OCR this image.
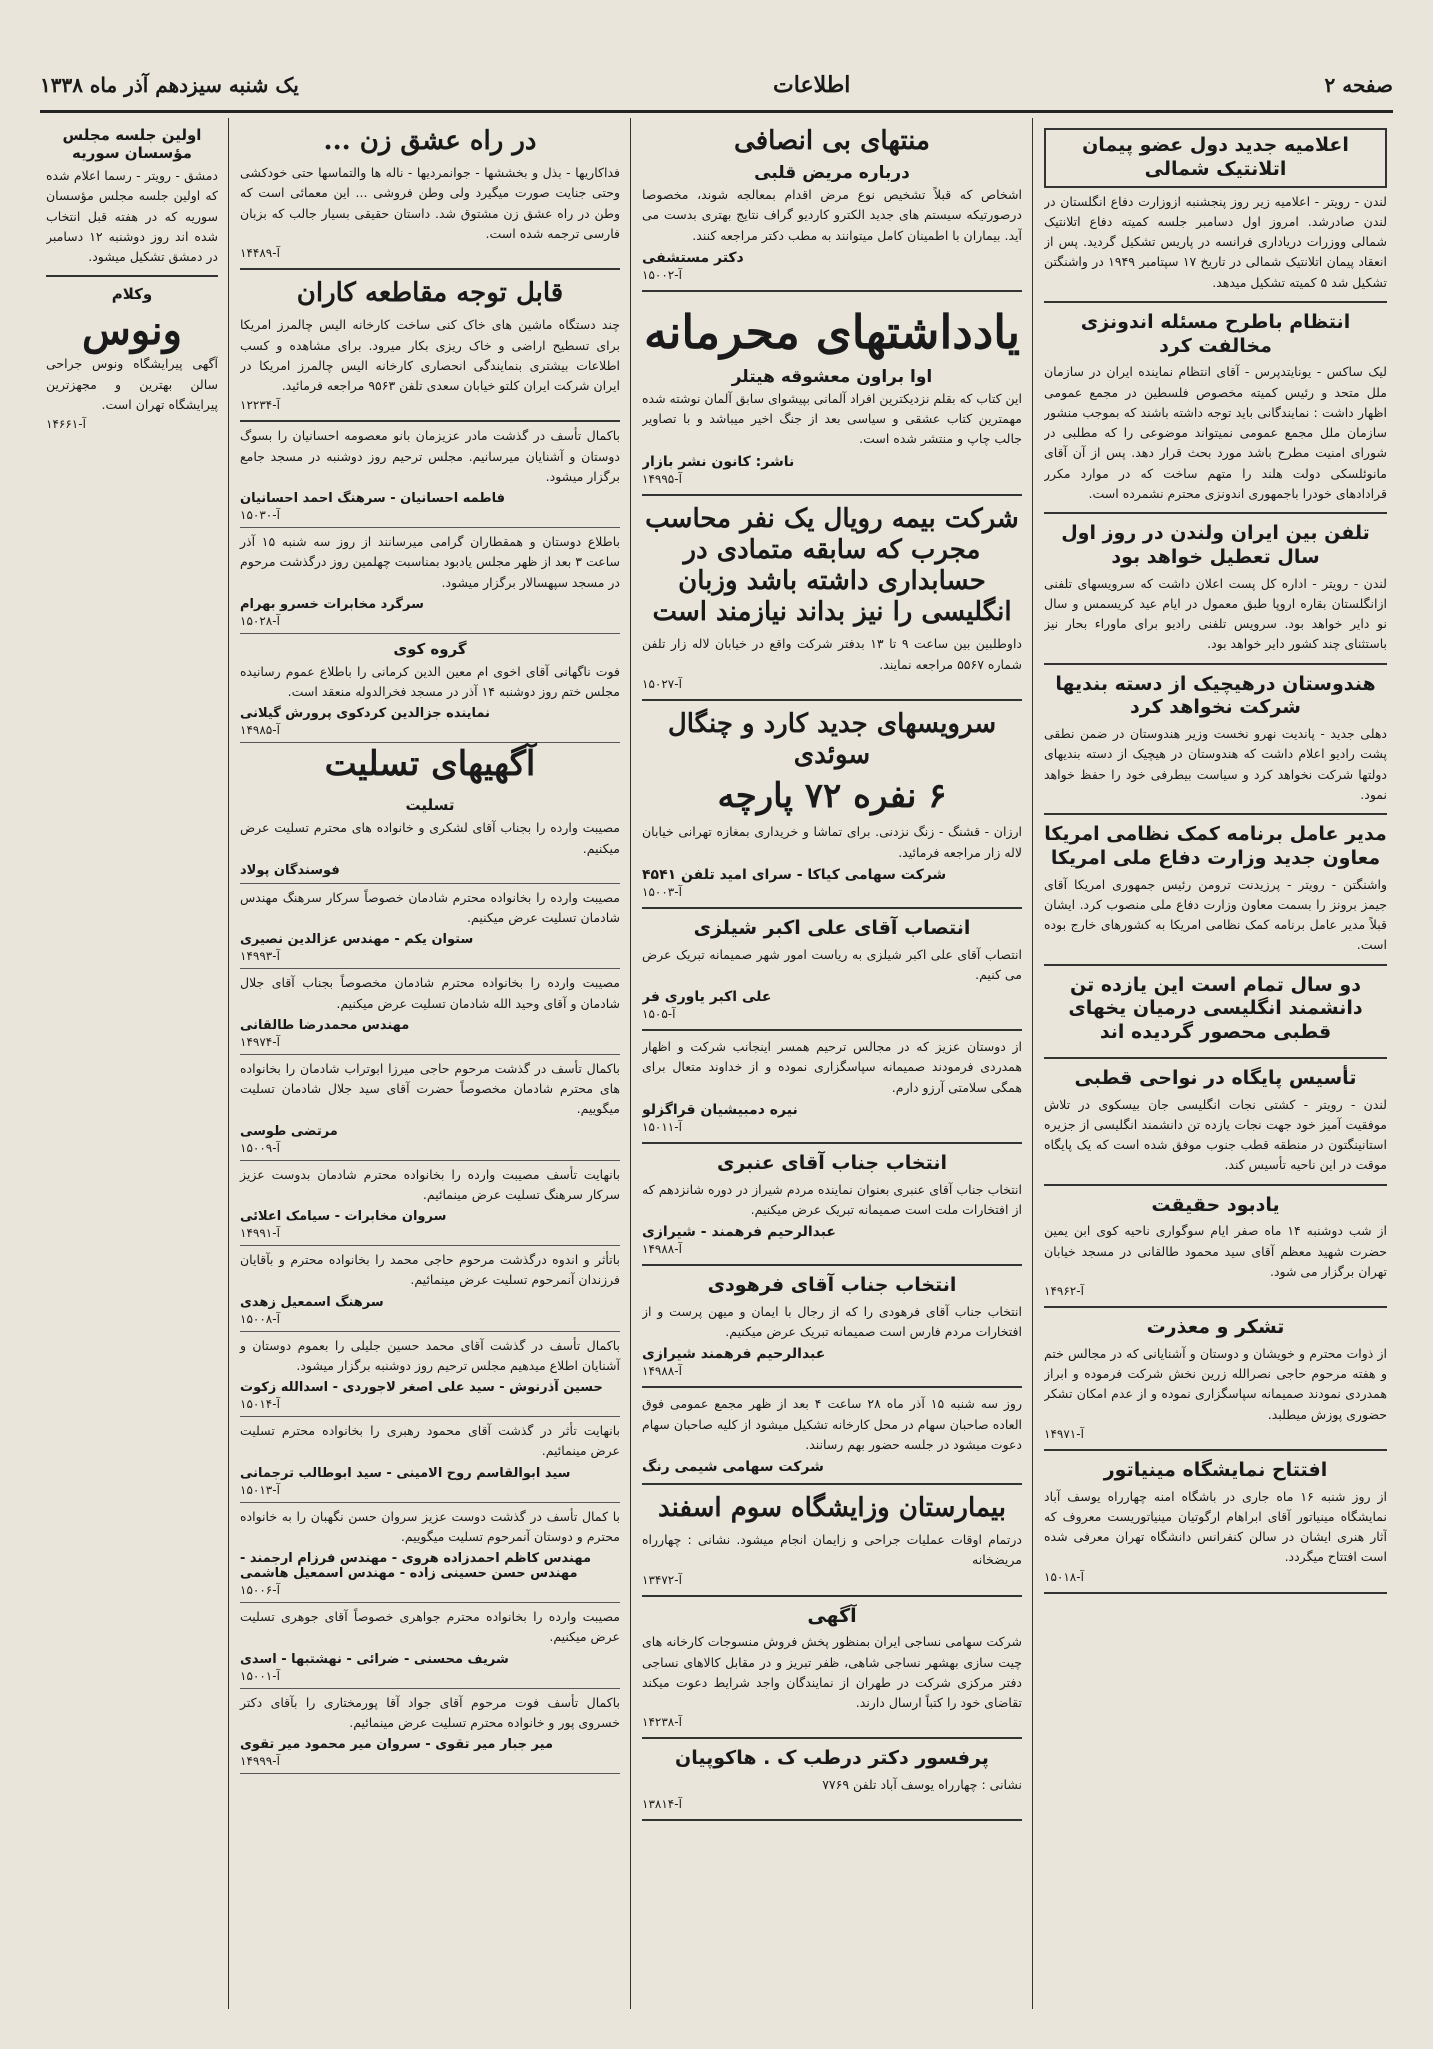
صفحه ۲
اطلاعات
یک شنبه سیزدهم آذر ماه ۱۳۳۸
اعلامیه جدید دول عضو پیمان اتلانتیک شمالی

لندن - رویتر - اعلامیه زیر روز پنجشنبه ازوزارت دفاع انگلستان در لندن صادرشد. امروز اول دسامبر جلسه کمیته دفاع اتلانتیک شمالی ووزرات دریاداری فرانسه در پاریس تشکیل گردید. پس از انعقاد پیمان اتلانتیک شمالی در تاریخ ۱۷ سپتامبر ۱۹۴۹ در واشنگتن تشکیل شد ۵ کمیته تشکیل میدهد.

انتظام باطرح مسئله اندونزی مخالفت کرد

لیک ساکس - یونایتدپرس - آقای انتظام نماینده ایران در سازمان ملل متحد و رئیس کمیته مخصوص فلسطین در مجمع عمومی اظهار داشت : نمایندگانی باید توجه داشته باشند که بموجب منشور سازمان ملل مجمع عمومی نمیتواند موضوعی را که مطلبی در شورای امنیت مطرح باشد مورد بحث قرار دهد. پس از آن آقای مانوئلسکی دولت هلند را متهم ساخت که در موارد مکرر قرادادهای خودرا باجمهوری اندونزی محترم نشمرده است.

تلفن بین ایران ولندن در روز اول سال تعطیل خواهد بود

لندن - رویتر - اداره کل پست اعلان داشت که سرویسهای تلفنی ازانگلستان بقاره اروپا طبق معمول در ایام عید کریسمس و سال نو دایر خواهد بود. سرویس تلفنی رادیو برای ماوراء بحار نیز باستثنای چند کشور دایر خواهد بود.

هندوستان درهیچیک از دسته بندیها شرکت نخواهد کرد

دهلی جدید - پاندیت نهرو نخست وزیر هندوستان در ضمن نطقی پشت رادیو اعلام داشت که هندوستان در هیچیک از دسته بندیهای دولتها شرکت نخواهد کرد و سیاست بیطرفی خود را حفظ خواهد نمود.

مدیر عامل برنامه کمک نظامی امریکا معاون جدید وزارت دفاع ملی امریکا

واشنگتن - رویتر - پرزیدنت ترومن رئیس جمهوری امریکا آقای جیمز برونز را بسمت معاون وزارت دفاع ملی منصوب کرد. ایشان قبلاً مدیر عامل برنامه کمک نظامی امریکا به کشورهای خارج بوده است.

دو سال تمام است این یازده تن دانشمند انگلیسی درمیان یخهای قطبی محصور گردیده اند
تأسیس پایگاه در نواحی قطبی

لندن - رویتر - کشتی نجات انگلیسی جان بیسکوی در تلاش موفقیت آمیز خود جهت نجات یازده تن دانشمند انگلیسی از جزیره استانینگتون در منطقه قطب جنوب موفق شده است که یک پایگاه موقت در این ناحیه تأسیس کند.

یادبود حقیقت

از شب دوشنبه ۱۴ ماه صفر ایام سوگواری ناحیه کوی ابن یمین حضرت شهید معظم آقای سید محمود طالقانی در مسجد خیابان تهران برگزار می شود.

آ-۱۴۹۶۲
تشکر و معذرت

از ذوات محترم و خویشان و دوستان و آشنایانی که در مجالس ختم و هفته مرحوم حاجی نصرالله زرین نخش شرکت فرموده و ابراز همدردی نمودند صمیمانه سپاسگزاری نموده و از عدم امکان تشکر حضوری پوزش میطلبد.

آ-۱۴۹۷۱
افتتاح نمایشگاه مینیاتور

از روز شنبه ۱۶ ماه جاری در باشگاه امنه چهارراه یوسف آباد نمایشگاه مینیاتور آقای ابراهام ارگوتیان مینیاتوریست معروف که آثار هنری ایشان در سالن کنفرانس دانشگاه تهران معرفی شده است افتتاح میگردد.

آ-۱۵۰۱۸
منتهای بی انصافی
درباره مریض قلبی

اشخاص که قبلاً تشخیص نوع مرض اقدام بمعالجه شوند، مخصوصا درصورتیکه سیستم های جدید الکترو کاردیو گراف نتایج بهتری بدست می آید. بیماران با اطمینان کامل میتوانند به مطب دکتر مراجعه کنند.

دکتر مستشفی
آ-۱۵۰۰۲
یادداشتهای محرمانه
اوا براون معشوقه هیتلر

این کتاب که بقلم نزدیکترین افراد آلمانی بپیشوای سابق آلمان نوشته شده مهمترین کتاب عشقی و سیاسی بعد از جنگ اخیر میباشد و با تصاویر جالب چاپ و منتشر شده است.

ناشر: کانون نشر بازار
آ-۱۴۹۹۵
شرکت بیمه رویال یک نفر محاسب مجرب که سابقه متمادی در حسابداری داشته باشد وزبان انگلیسی را نیز بداند نیازمند است

داوطلبین بین ساعت ۹ تا ۱۳ بدفتر شرکت واقع در خیابان لاله زار تلفن شماره ۵۵۶۷ مراجعه نمایند.

آ-۱۵۰۲۷
سرویسهای جدید کارد و چنگال سوئدی
۶ نفره ۷۲ پارچه

ارزان - قشنگ - زنگ نزدنی. برای تماشا و خریداری بمغازه تهرانی خیابان لاله زار مراجعه فرمائید.

شرکت سهامی کیاکا - سرای امید تلفن ۴۵۴۱
آ-۱۵۰۰۳
انتصاب آقای علی اکبر شیلزی

انتصاب آقای علی اکبر شیلزی به ریاست امور شهر صمیمانه تبریک عرض می کنیم.

علی اکبر یاوری فر
آ-۱۵۰۵

از دوستان عزیز که در مجالس ترحیم همسر اینجانب شرکت و اظهار همدردی فرمودند صمیمانه سپاسگزاری نموده و از خداوند متعال برای همگی سلامتی آرزو دارم.

نیره دمبیشیان قراگزلو
آ-۱۵۰۱۱
انتخاب جناب آقای عنبری

انتخاب جناب آقای عنبری بعنوان نماینده مردم شیراز در دوره شانزدهم که از افتخارات ملت است صمیمانه تبریک عرض میکنیم.

عبدالرحیم فرهمند - شیرازی
آ-۱۴۹۸۸
انتخاب جناب آقای فرهودی

انتخاب جناب آقای فرهودی را که از رجال با ایمان و میهن پرست و از افتخارات مردم فارس است صمیمانه تبریک عرض میکنیم.

عبدالرحیم فرهمند شیرازی
آ-۱۴۹۸۸

روز سه شنبه ۱۵ آذر ماه ۲۸ ساعت ۴ بعد از ظهر مجمع عمومی فوق العاده صاحبان سهام در محل کارخانه تشکیل میشود از کلیه صاحبان سهام دعوت میشود در جلسه حضور بهم رسانند.

شرکت سهامی شیمی رنگ
بیمارستان وزایشگاه سوم اسفند

درتمام اوقات عملیات جراحی و زایمان انجام میشود. نشانی : چهارراه مریضخانه

آ-۱۳۴۷۲
آگهی

شرکت سهامی نساجی ایران بمنظور پخش فروش منسوجات کارخانه های چیت سازی بهشهر نساجی شاهی، ظفر تبریز و در مقابل کالاهای نساجی دفتر مرکزی شرکت در طهران از نمایندگان واجد شرایط دعوت میکند تقاضای خود را کتباً ارسال دارند.

آ-۱۴۲۳۸
پرفسور دکتر درطب ک . هاکوپیان

نشانی : چهارراه یوسف آباد تلفن ۷۷۶۹

آ-۱۳۸۱۴
در راه عشق زن ...

فداکاریها - بذل و بخششها - جوانمردیها - ناله ها والتماسها حتی خودکشی وحتی جنایت صورت میگیرد ولی وطن فروشی ... این معمائی است که وطن در راه عشق زن مشتوق شد. داستان حقیقی بسیار جالب که بزبان فارسی ترجمه شده است.

آ-۱۴۴۸۹
قابل توجه مقاطعه کاران

چند دستگاه ماشین های خاک کنی ساخت کارخانه الیس چالمرز امریکا برای تسطیح اراضی و خاک ریزی بکار میرود. برای مشاهده و کسب اطلاعات بیشتری بنمایندگی انحصاری کارخانه الیس چالمرز امریکا در ایران شرکت ایران کلتو خیابان سعدی تلفن ۹۵۶۳ مراجعه فرمائید.

آ-۱۲۲۳۴

باکمال تأسف در گذشت مادر عزیزمان بانو معصومه احسانیان را بسوگ دوستان و آشنایان میرسانیم. مجلس ترحیم روز دوشنبه در مسجد جامع برگزار میشود.

فاطمه احسانیان - سرهنگ احمد احسانیان
آ-۱۵۰۳۰

باطلاع دوستان و همقطاران گرامی میرسانند از روز سه شنبه ۱۵ آذر ساعت ۳ بعد از ظهر مجلس یادبود بمناسبت چهلمین روز درگذشت مرحوم در مسجد سپهسالار برگزار میشود.

سرگرد مخابرات خسرو بهرام
آ-۱۵۰۲۸
گروه کوی

فوت ناگهانی آقای اخوی ام معین الدین کرمانی را باطلاع عموم رسانیده مجلس ختم روز دوشنبه ۱۴ آذر در مسجد فخرالدوله منعقد است.

نماینده جزالدین کردکوی پرورش گیلانی
آ-۱۴۹۸۵
آگهیهای تسلیت
تسلیت

مصیبت وارده را بجناب آقای لشکری و خانواده های محترم تسلیت عرض میکنیم.

فوسندگان پولاد

مصیبت وارده را بخانواده محترم شادمان خصوصاً سرکار سرهنگ مهندس شادمان تسلیت عرض میکنیم.

ستوان یکم - مهندس عزالدین نصیری
آ-۱۴۹۹۳

مصیبت وارده را بخانواده محترم شادمان مخصوصاً بجناب آقای جلال شادمان و آقای وحید الله شادمان تسلیت عرض میکنیم.

مهندس محمدرضا طالقانی
آ-۱۴۹۷۴

باکمال تأسف در گذشت مرحوم حاجی میرزا ابوتراب شادمان را بخانواده های محترم شادمان مخصوصاً حضرت آقای سید جلال شادمان تسلیت میگوییم.

مرتضی طوسی
آ-۱۵۰۰۹

بانهایت تأسف مصیبت وارده را بخانواده محترم شادمان بدوست عزیز سرکار سرهنگ تسلیت عرض مینمائیم.

سروان مخابرات - سیامک اعلائی
آ-۱۴۹۹۱

باتأثر و اندوه درگذشت مرحوم حاجی محمد را بخانواده محترم و بآقایان فرزندان آنمرحوم تسلیت عرض مینمائیم.

سرهنگ اسمعیل زهدی
آ-۱۵۰۰۸

باکمال تأسف در گذشت آقای محمد حسین جلیلی را بعموم دوستان و آشنایان اطلاع میدهیم مجلس ترحیم روز دوشنبه برگزار میشود.

حسین آذرنوش - سید علی اصغر لاجوردی - اسدالله زکوت
آ-۱۵۰۱۴

بانهایت تأثر در گذشت آقای محمود رهبری را بخانواده محترم تسلیت عرض مینمائیم.

سید ابوالقاسم روح الامینی - سید ابوطالب ترجمانی
آ-۱۵۰۱۳

با کمال تأسف در گذشت دوست عزیز سروان حسن نگهبان را به خانواده محترم و دوستان آنمرحوم تسلیت میگوییم.

مهندس کاظم احمدزاده هروی - مهندس فرزام ارجمند - مهندس حسن حسینی زاده - مهندس اسمعیل هاشمی
آ-۱۵۰۰۶

مصیبت وارده را بخانواده محترم جواهری خصوصاً آقای جوهری تسلیت عرض میکنیم.

شریف محسنی - ضرائی - نهشتبها - اسدی
آ-۱۵۰۰۱

باکمال تأسف فوت مرحوم آقای جواد آقا پورمختاری را بآقای دکتر خسروی پور و خانواده محترم تسلیت عرض مینمائیم.

میر جبار میر تقوی - سروان میر محمود میر تقوی
آ-۱۴۹۹۹
اولین جلسه مجلس مؤسسان سوریه

دمشق - رویتر - رسما اعلام شده که اولین جلسه مجلس مؤسسان سوریه که در هفته قبل انتخاب شده اند روز دوشنبه ۱۲ دسامبر در دمشق تشکیل میشود.

وکلام
ونوس

آگهی پیرایشگاه ونوس جراحی سالن بهترین و مجهزترین پیرایشگاه تهران است.

آ-۱۴۶۶۱
